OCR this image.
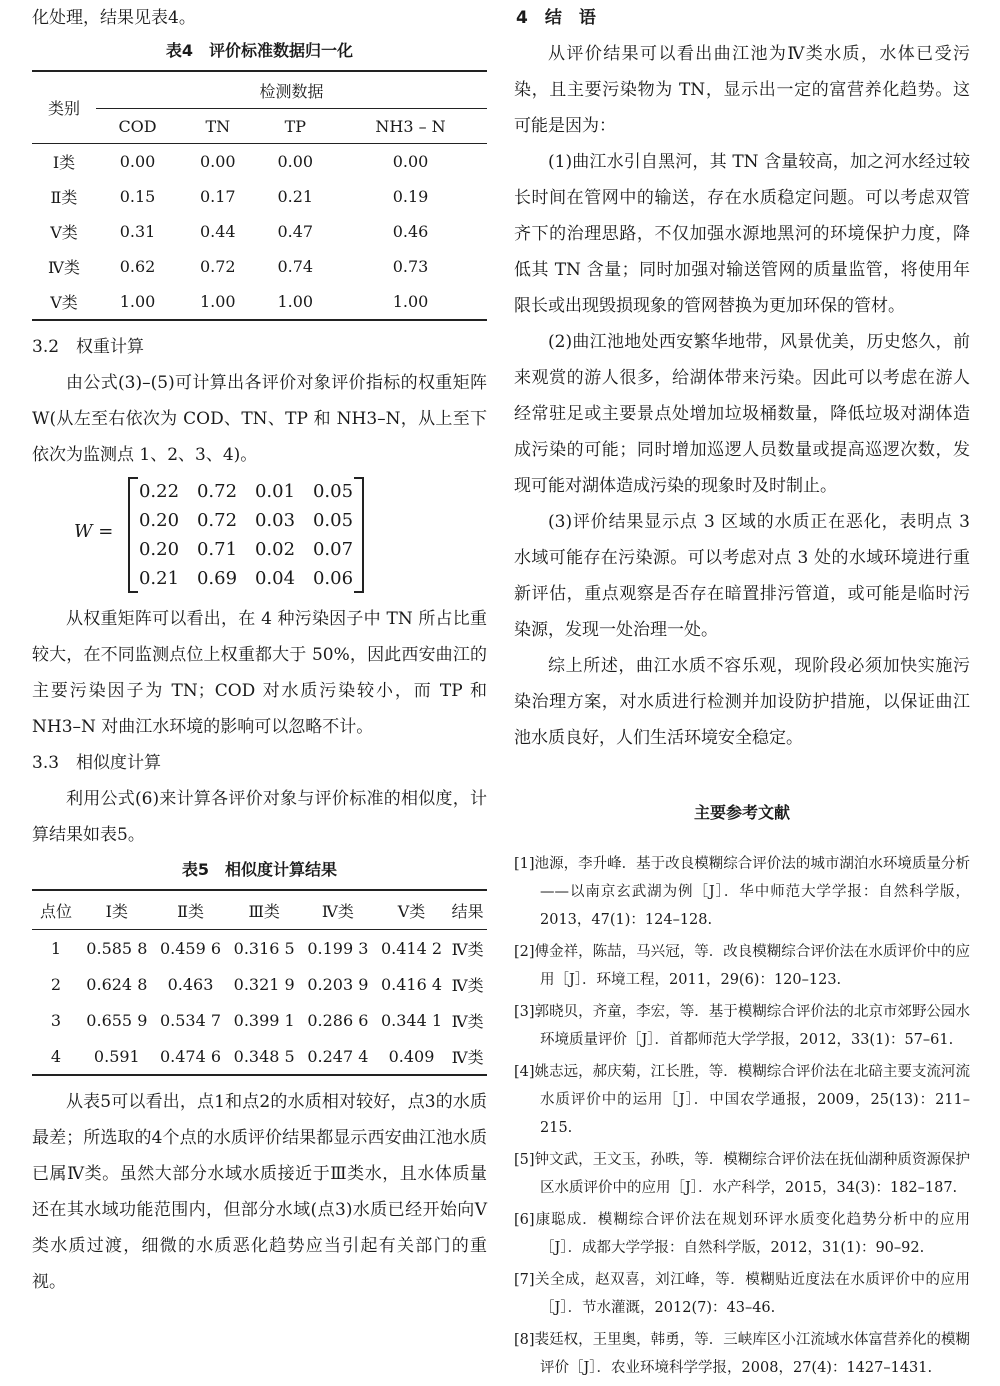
化处理，结果见表4。

表4　评价标准数据归一化
类别	检测数据			
	COD	TN	TP	NH3 – N
Ⅰ类	0.00	0.00	0.00	0.00
Ⅱ类	0.15	0.17	0.21	0.19
Ⅴ类	0.31	0.44	0.47	0.46
Ⅳ类	0.62	0.72	0.74	0.73
Ⅴ类	1.00	1.00	1.00	1.00

3.2　权重计算

由公式(3)–(5)可计算出各评价对象评价指标的权重矩阵 W(从左至右依次为 COD、TN、TP 和 NH3–N，从上至下依次为监测点 1、2、3、4)。

W =
0.22 0.72 0.01 0.05
0.20 0.72 0.03 0.05
0.20 0.71 0.02 0.07
0.21 0.69 0.04 0.06

从权重矩阵可以看出，在 4 种污染因子中 TN 所占比重较大，在不同监测点位上权重都大于 50%，因此西安曲江的主要污染因子为 TN；COD 对水质污染较小，而 TP 和 NH3–N 对曲江水环境的影响可以忽略不计。

3.3　相似度计算

利用公式(6)来计算各评价对象与评价标准的相似度，计算结果如表5。

表5　相似度计算结果
点位	Ⅰ类	Ⅱ类	Ⅲ类	Ⅳ类	Ⅴ类	结果
1	0.585 8	0.459 6	0.316 5	0.199 3	0.414 2	Ⅳ类
2	0.624 8	0.463	0.321 9	0.203 9	0.416 4	Ⅳ类
3	0.655 9	0.534 7	0.399 1	0.286 6	0.344 1	Ⅳ类
4	0.591	0.474 6	0.348 5	0.247 4	0.409	Ⅳ类

从表5可以看出，点1和点2的水质相对较好，点3的水质最差；所选取的4个点的水质评价结果都显示西安曲江池水质已属Ⅳ类。虽然大部分水域水质接近于Ⅲ类水，且水体质量还在其水域功能范围内，但部分水域(点3)水质已经开始向Ⅴ类水质过渡，细微的水质恶化趋势应当引起有关部门的重视。

4　结　语

从评价结果可以看出曲江池为Ⅳ类水质，水体已受污染，且主要污染物为 TN，显示出一定的富营养化趋势。这可能是因为：

(1)曲江水引自黑河，其 TN 含量较高，加之河水经过较长时间在管网中的输送，存在水质稳定问题。可以考虑双管齐下的治理思路，不仅加强水源地黑河的环境保护力度，降低其 TN 含量；同时加强对输送管网的质量监管，将使用年限长或出现毁损现象的管网替换为更加环保的管材。

(2)曲江池地处西安繁华地带，风景优美，历史悠久，前来观赏的游人很多，给湖体带来污染。因此可以考虑在游人经常驻足或主要景点处增加垃圾桶数量，降低垃圾对湖体造成污染的可能；同时增加巡逻人员数量或提高巡逻次数，发现可能对湖体造成污染的现象时及时制止。

(3)评价结果显示点 3 区域的水质正在恶化，表明点 3 水域可能存在污染源。可以考虑对点 3 处的水域环境进行重新评估，重点观察是否存在暗置排污管道，或可能是临时污染源，发现一处治理一处。

综上所述，曲江水质不容乐观，现阶段必须加快实施污染治理方案，对水质进行检测并加设防护措施，以保证曲江池水质良好，人们生活环境安全稳定。

主要参考文献

[1]池源，李升峰．基于改良模糊综合评价法的城市湖泊水环境质量分析——以南京玄武湖为例［J］．华中师范大学学报：自然科学版，2013，47(1)：124–128.

[2]傅金祥，陈喆，马兴冠，等．改良模糊综合评价法在水质评价中的应用［J］．环境工程，2011，29(6)：120–123.

[3]郭晓贝，齐童，李宏，等．基于模糊综合评价法的北京市郊野公园水环境质量评价［J］．首都师范大学学报，2012，33(1)：57–61.

[4]姚志远，郝庆菊，江长胜，等．模糊综合评价法在北碚主要支流河流水质评价中的运用［J］．中国农学通报，2009，25(13)：211–215.

[5]钟文武，王文玉，孙昳，等．模糊综合评价法在抚仙湖种质资源保护区水质评价中的应用［J］．水产科学，2015，34(3)：182–187.

[6]康聪成．模糊综合评价法在规划环评水质变化趋势分析中的应用［J］．成都大学学报：自然科学版，2012，31(1)：90–92.

[7]关全成，赵双喜，刘江峰，等．模糊贴近度法在水质评价中的应用［J］．节水灌溉，2012(7)：43–46.

[8]裴廷权，王里奥，韩勇，等．三峡库区小江流域水体富营养化的模糊评价［J］．农业环境科学学报，2008，27(4)：1427–1431.
